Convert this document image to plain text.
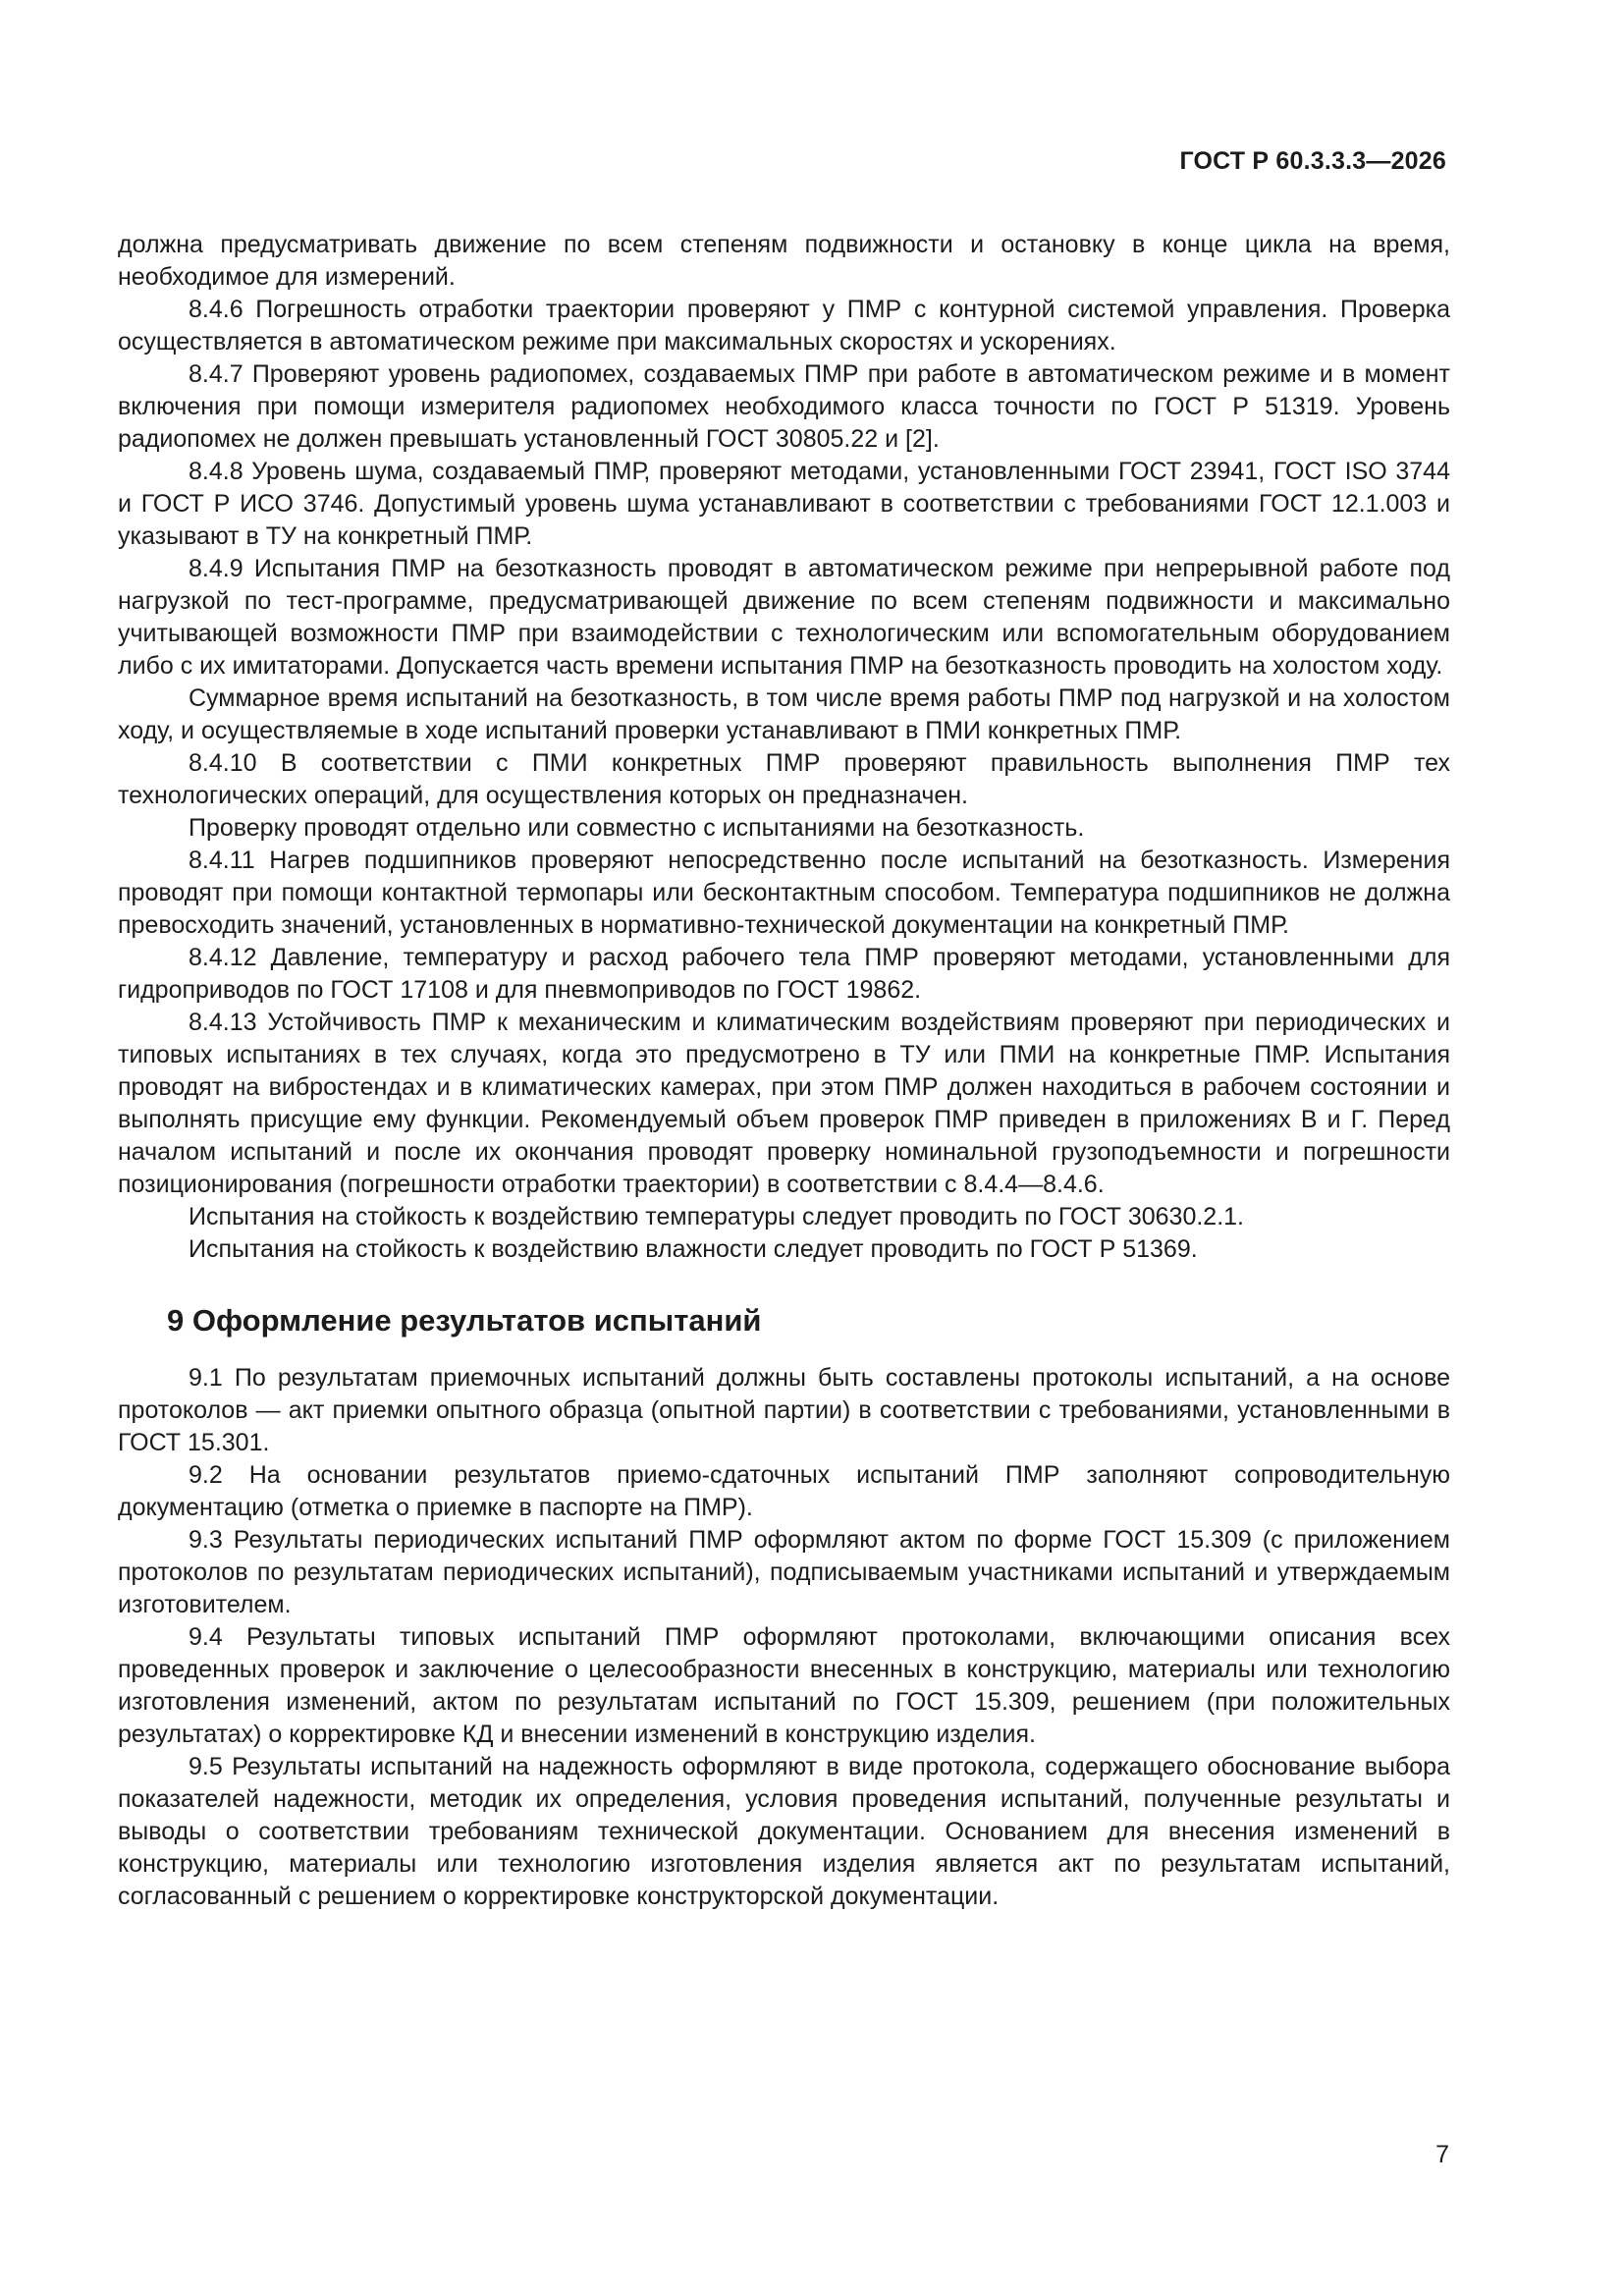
ГОСТ Р 60.3.3.3—2026

должна предусматривать движение по всем степеням подвижности и остановку в конце цикла на время, необходимое для измерений.

8.4.6 Погрешность отработки траектории проверяют у ПМР с контурной системой управления. Проверка осуществляется в автоматическом режиме при максимальных скоростях и ускорениях.

8.4.7 Проверяют уровень радиопомех, создаваемых ПМР при работе в автоматическом режиме и в момент включения при помощи измерителя радиопомех необходимого класса точности по ГОСТ Р 51319. Уровень радиопомех не должен превышать установленный ГОСТ 30805.22 и [2].

8.4.8 Уровень шума, создаваемый ПМР, проверяют методами, установленными ГОСТ 23941, ГОСТ ISO 3744 и ГОСТ Р ИСО 3746. Допустимый уровень шума устанавливают в соответствии с требованиями ГОСТ 12.1.003 и указывают в ТУ на конкретный ПМР.

8.4.9 Испытания ПМР на безотказность проводят в автоматическом режиме при непрерывной работе под нагрузкой по тест-программе, предусматривающей движение по всем степеням подвижности и максимально учитывающей возможности ПМР при взаимодействии с технологическим или вспомогательным оборудованием либо с их имитаторами. Допускается часть времени испытания ПМР на безотказность проводить на холостом ходу.

Суммарное время испытаний на безотказность, в том числе время работы ПМР под нагрузкой и на холостом ходу, и осуществляемые в ходе испытаний проверки устанавливают в ПМИ конкретных ПМР.

8.4.10 В соответствии с ПМИ конкретных ПМР проверяют правильность выполнения ПМР тех технологических операций, для осуществления которых он предназначен.

Проверку проводят отдельно или совместно с испытаниями на безотказность.

8.4.11 Нагрев подшипников проверяют непосредственно после испытаний на безотказность. Измерения проводят при помощи контактной термопары или бесконтактным способом. Температура подшипников не должна превосходить значений, установленных в нормативно-технической документации на конкретный ПМР.

8.4.12 Давление, температуру и расход рабочего тела ПМР проверяют методами, установленными для гидроприводов по ГОСТ 17108 и для пневмоприводов по ГОСТ 19862.

8.4.13 Устойчивость ПМР к механическим и климатическим воздействиям проверяют при периодических и типовых испытаниях в тех случаях, когда это предусмотрено в ТУ или ПМИ на конкретные ПМР. Испытания проводят на вибростендах и в климатических камерах, при этом ПМР должен находиться в рабочем состоянии и выполнять присущие ему функции. Рекомендуемый объем проверок ПМР приведен в приложениях В и Г. Перед началом испытаний и после их окончания проводят проверку номинальной грузоподъемности и погрешности позиционирования (погрешности отработки траектории) в соответствии с 8.4.4—8.4.6.

Испытания на стойкость к воздействию температуры следует проводить по ГОСТ 30630.2.1.

Испытания на стойкость к воздействию влажности следует проводить по ГОСТ Р 51369.

9 Оформление результатов испытаний

9.1 По результатам приемочных испытаний должны быть составлены протоколы испытаний, а на основе протоколов — акт приемки опытного образца (опытной партии) в соответствии с требованиями, установленными в ГОСТ 15.301.

9.2 На основании результатов приемо-сдаточных испытаний ПМР заполняют сопроводительную документацию (отметка о приемке в паспорте на ПМР).

9.3 Результаты периодических испытаний ПМР оформляют актом по форме ГОСТ 15.309 (с приложением протоколов по результатам периодических испытаний), подписываемым участниками испытаний и утверждаемым изготовителем.

9.4 Результаты типовых испытаний ПМР оформляют протоколами, включающими описания всех проведенных проверок и заключение о целесообразности внесенных в конструкцию, материалы или технологию изготовления изменений, актом по результатам испытаний по ГОСТ 15.309, решением (при положительных результатах) о корректировке КД и внесении изменений в конструкцию изделия.

9.5 Результаты испытаний на надежность оформляют в виде протокола, содержащего обоснование выбора показателей надежности, методик их определения, условия проведения испытаний, полученные результаты и выводы о соответствии требованиям технической документации. Основанием для внесения изменений в конструкцию, материалы или технологию изготовления изделия является акт по результатам испытаний, согласованный с решением о корректировке конструкторской документации.

7
